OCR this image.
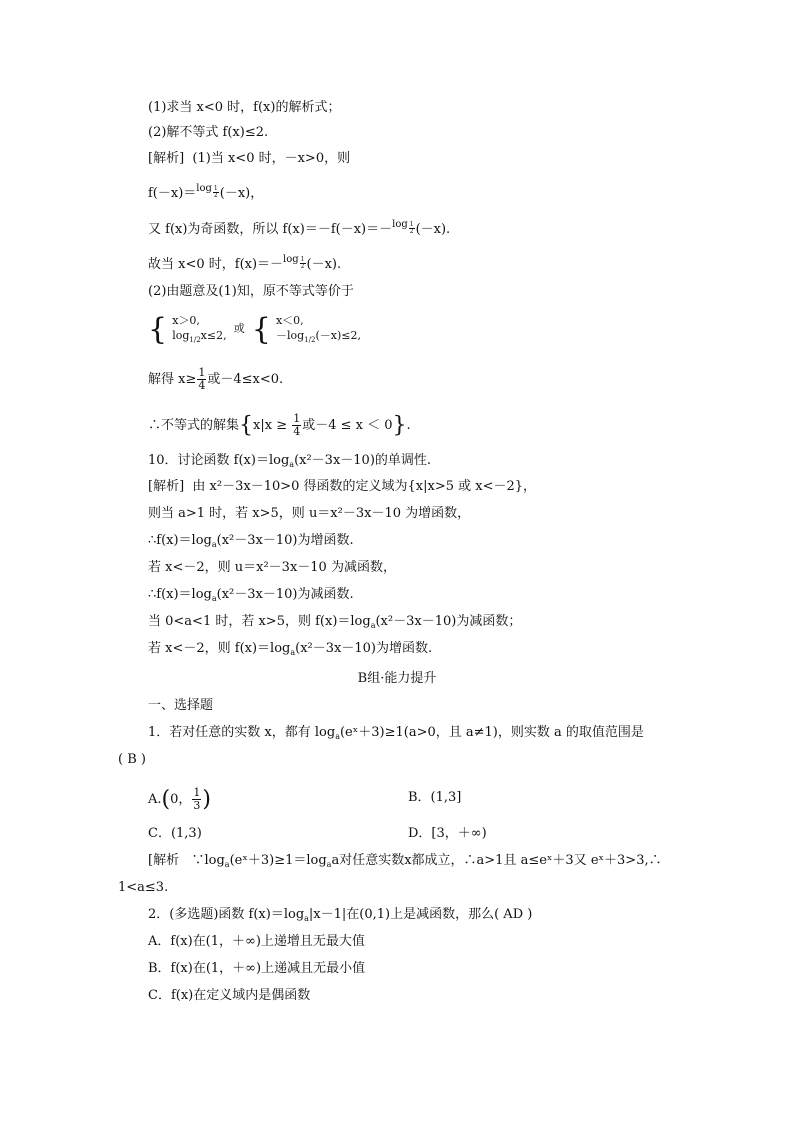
(1)求当 x<0 时，f(x)的解析式；
(2)解不等式 f(x)≤2.
[解析] (1)当 x<0 时，－x>0，则
f(－x)＝$^{log _{\frac{1}{2}}}$ (－x)，
又 f(x)为奇函数，所以 f(x)＝－f(－x)＝－$^{log _{\frac{1}{2}}}$ (－x).
故当 x<0 时，f(x)＝－$^{log _{\frac{1}{2}}}$ (－x).
(2)由题意及(1)知，原不等式等价于
{ x＞0,
$\log_{1/2}x\le 2$,
或 { x＜0,
$-\log_{1/2}(-x)\le 2$,
解得 $x\ge \frac{1}{4}$ 或－4≤x<0.
∴不等式的解集{$x|x \ge \frac{1}{4}$ 或－4 ≤ x ＜ 0}.
10．讨论函数 $f(x)=\log_a(x^2-3x-10)$的单调性.
[解析] 由 x²－3x－10>0 得函数的定义域为{x|x>5 或 x<－2}，
则当 a>1 时，若 x>5，则 u＝x²－3x－10 为增函数，
$\therefore f(x)=\log_a(x^2-3x-10)$为增函数.
若 x<－2，则 u＝x²－3x－10 为减函数，
$\therefore f(x)=\log_a(x^2-3x-10)$为减函数.
当 0<a<1 时，若 x>5，则 $f(x)=\log_a(x^2-3x-10)$为减函数；
若 x<－2，则 $f(x)=\log_a(x^2-3x-10)$为增函数.
B组·能力提升
一、选择题
1．若对任意的实数 x，都有 $\log_a(eˣ+3)\ge 1(a>0$，且 a≠1)，则实数 a 的取值范围是
( B )
A.(0， $\frac{1}{3}$ )	B．(1,3]
C．(1,3)	D．[3，＋∞)
[解析 $\because\log_a(eˣ+3)\ge 1=\log_aa$对任意实数x都成立，∴a>1且 a≤eˣ＋3又 eˣ＋3>3,∴
1<a≤3.
2．(多选题)函数 $f(x)=\log_a|x-1|$在(0,1)上是减函数，那么( AD )
A．f(x)在(1，＋∞)上递增且无最大值
B．f(x)在(1，＋∞)上递减且无最小值
C．f(x)在定义域内是偶函数
